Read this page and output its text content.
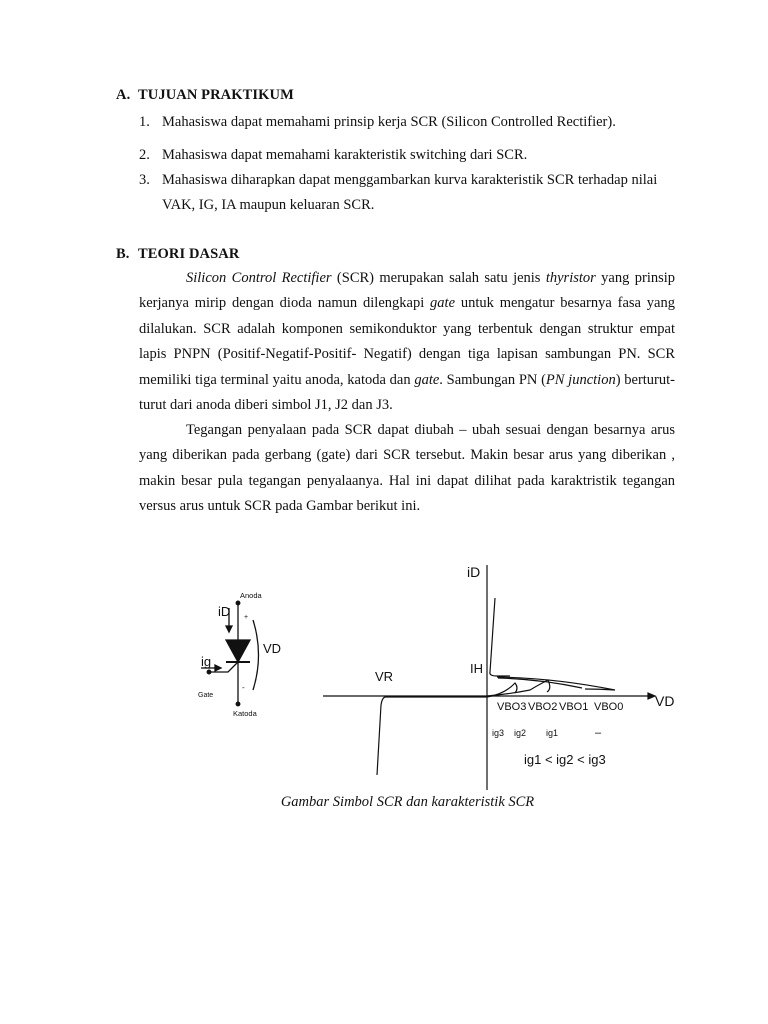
A. TUJUAN PRAKTIKUM
1. Mahasiswa dapat memahami prinsip kerja SCR (Silicon Controlled Rectifier).
2. Mahasiswa dapat memahami karakteristik switching dari SCR.
3. Mahasiswa diharapkan dapat menggambarkan kurva karakteristik SCR terhadap nilai VAK, IG, IA maupun keluaran SCR.
B. TEORI DASAR

Silicon Control Rectifier (SCR) merupakan salah satu jenis thyristor yang prinsip kerjanya mirip dengan dioda namun dilengkapi gate untuk mengatur besarnya fasa yang dilalukan. SCR adalah komponen semikonduktor yang terbentuk dengan struktur empat lapis PNPN (Positif-Negatif-Positif- Negatif) dengan tiga lapisan sambungan PN. SCR memiliki tiga terminal yaitu anoda, katoda dan gate. Sambungan PN (PN junction) berturut-turut dari anoda diberi simbol J1, J2 dan J3.

Tegangan penyalaan pada SCR dapat diubah – ubah sesuai dengan besarnya arus yang diberikan pada gerbang (gate) dari SCR tersebut. Makin besar arus yang diberikan , makin besar pula tegangan penyalaanya. Hal ini dapat dilihat pada karaktristik tegangan versus arus untuk SCR pada Gambar berikut ini.

Anoda
+
iD
VD
ig
Gate
-
Katoda
iD
VD
IH
VR
VBO3 VBO2 VBO1 VBO0
ig3 ig2 ig1	–
ig1 < ig2 < ig3
Gambar Simbol SCR dan karakteristik SCR
